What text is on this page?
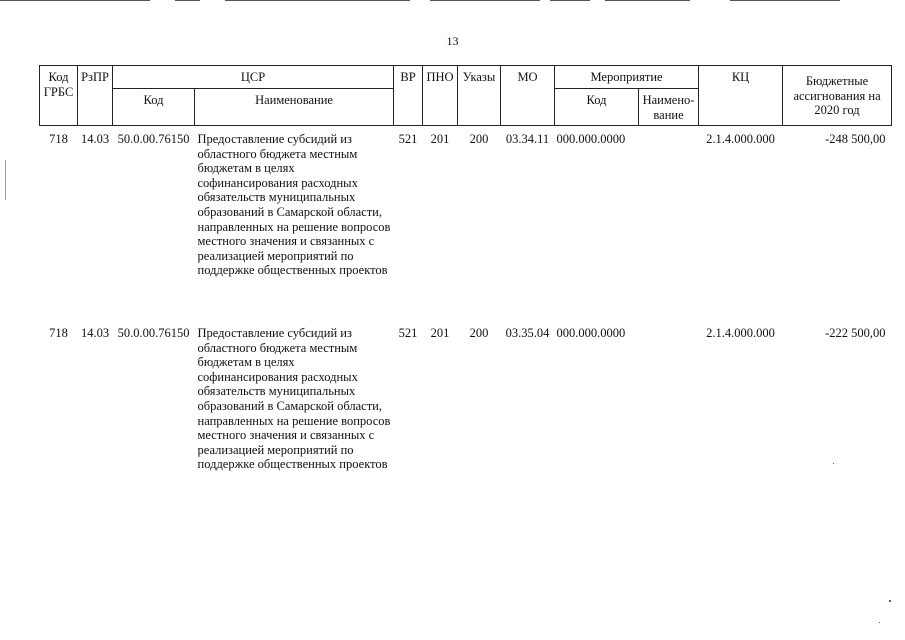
13
Код ГРБС	РзПР	ЦСР		ВР	ПНО	Указы	МО	Мероприятие		КЦ	Бюджетные ассигнования на 2020 год
		Код	Наименование					Код	Наимено-вание		
718	14.03	50.0.00.76150	Предоставление субсидий из областного бюджета местным бюджетам в целях софинансирования расходных обязательств муниципальных образований в Самарской области, направленных на решение вопросов местного значения и связанных с реализацией мероприятий по поддержке общественных проектов	521	201	200	03.34.11	000.000.0000		2.1.4.000.000	-248 500,00
718	14.03	50.0.00.76150	Предоставление субсидий из областного бюджета местным бюджетам в целях софинансирования расходных обязательств муниципальных образований в Самарской области, направленных на решение вопросов местного значения и связанных с реализацией мероприятий по поддержке общественных проектов	521	201	200	03.35.04	000.000.0000		2.1.4.000.000	-222 500,00
